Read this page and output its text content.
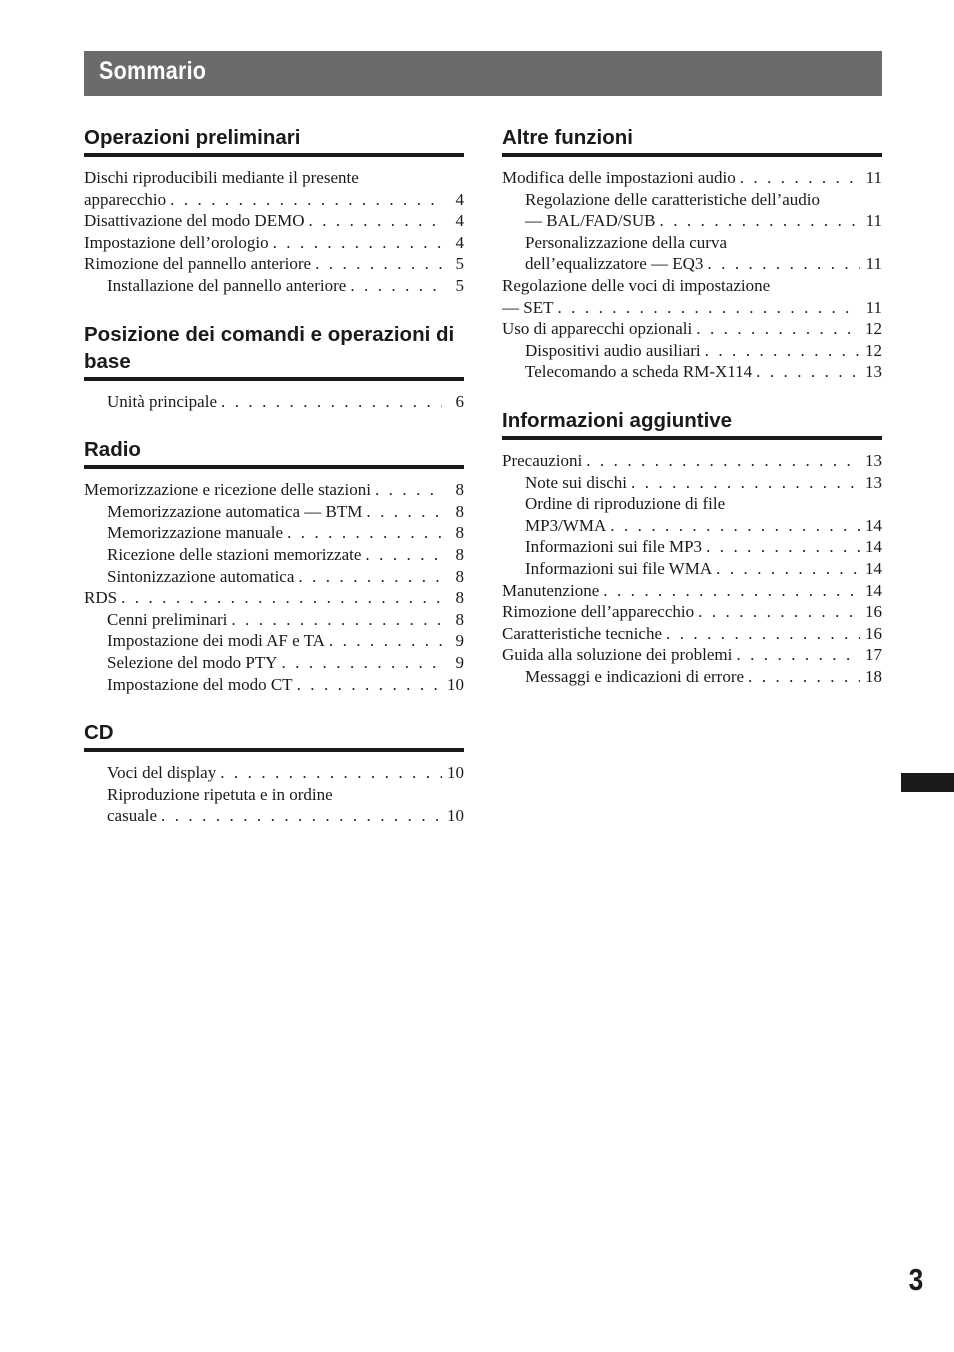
Sommario
Operazioni preliminari
Dischi riproducibili mediante il presente
apparecchio . . .	4
Disattivazione del modo DEMO . . .	4
Impostazione dell’orologio . . .	4
Rimozione del pannello anteriore . . .	5
Installazione del pannello anteriore . . .	5
Posizione dei comandi e operazioni di base
Unità principale . . .	6
Radio
Memorizzazione e ricezione delle stazioni . . .	8
Memorizzazione automatica — BTM . . .	8
Memorizzazione manuale . . .	8
Ricezione delle stazioni memorizzate . . .	8
Sintonizzazione automatica . . .	8
RDS . . .	8
Cenni preliminari . . .	8
Impostazione dei modi AF e TA . . .	9
Selezione del modo PTY . . .	9
Impostazione del modo CT . . .	10
CD
Voci del display . . .	10
Riproduzione ripetuta e in ordine
casuale . . .	10
Altre funzioni
Modifica delle impostazioni audio . . .	11
Regolazione delle caratteristiche dell’audio
— BAL/FAD/SUB . . .	11
Personalizzazione della curva
dell’equalizzatore — EQ3 . . .	11
Regolazione delle voci di impostazione
— SET . . .	11
Uso di apparecchi opzionali . . .	12
Dispositivi audio ausiliari . . .	12
Telecomando a scheda RM-X114 . . .	13
Informazioni aggiuntive
Precauzioni . . .	13
Note sui dischi . . .	13
Ordine di riproduzione di file
MP3/WMA . . .	14
Informazioni sui file MP3 . . .	14
Informazioni sui file WMA . . .	14
Manutenzione . . .	14
Rimozione dell’apparecchio . . .	16
Caratteristiche tecniche . . .	16
Guida alla soluzione dei problemi . . .	17
Messaggi e indicazioni di errore . . .	18
3
